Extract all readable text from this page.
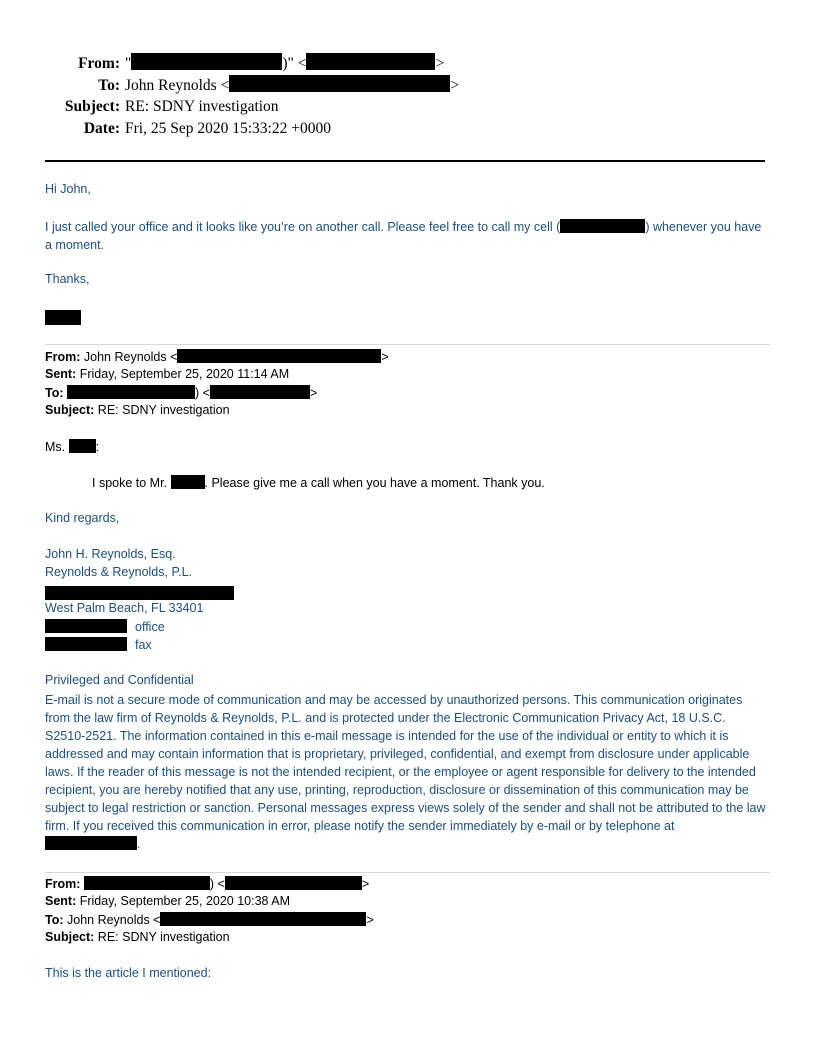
From: "	)" <	>
To: John Reynolds <	>
Subject: RE: SDNY investigation
Date: Fri, 25 Sep 2020 15:33:22 +0000
Hi John,
I just called your office and it looks like you’re on another call. Please feel free to call my cell (	) whenever you have a moment.
Thanks,
From: John Reynolds <	>
Sent: Friday, September 25, 2020 11:14 AM
To:	) <	>
Subject: RE: SDNY investigation
Ms. :
I spoke to Mr.	. Please give me a call when you have a moment. Thank you.
Kind regards,
John H. Reynolds, Esq.
Reynolds & Reynolds, P.L.
West Palm Beach, FL 33401
office
fax
Privileged and Confidential
E-mail is not a secure mode of communication and may be accessed by unauthorized persons. This communication originates from the law firm of Reynolds & Reynolds, P.L. and is protected under the Electronic Communication Privacy Act, 18 U.S.C. S2510-2521. The information contained in this e-mail message is intended for the use of the individual or entity to which it is addressed and may contain information that is proprietary, privileged, confidential, and exempt from disclosure under applicable laws. If the reader of this message is not the intended recipient, or the employee or agent responsible for delivery to the intended recipient, you are hereby notified that any use, printing, reproduction, disclosure or dissemination of this communication may be subject to legal restriction or sanction. Personal messages express views solely of the sender and shall not be attributed to the law firm. If you received this communication in error, please notify the sender immediately by e-mail or by telephone at .
From:	) <	>
Sent: Friday, September 25, 2020 10:38 AM
To: John Reynolds <	>
Subject: RE: SDNY investigation
This is the article I mentioned:
